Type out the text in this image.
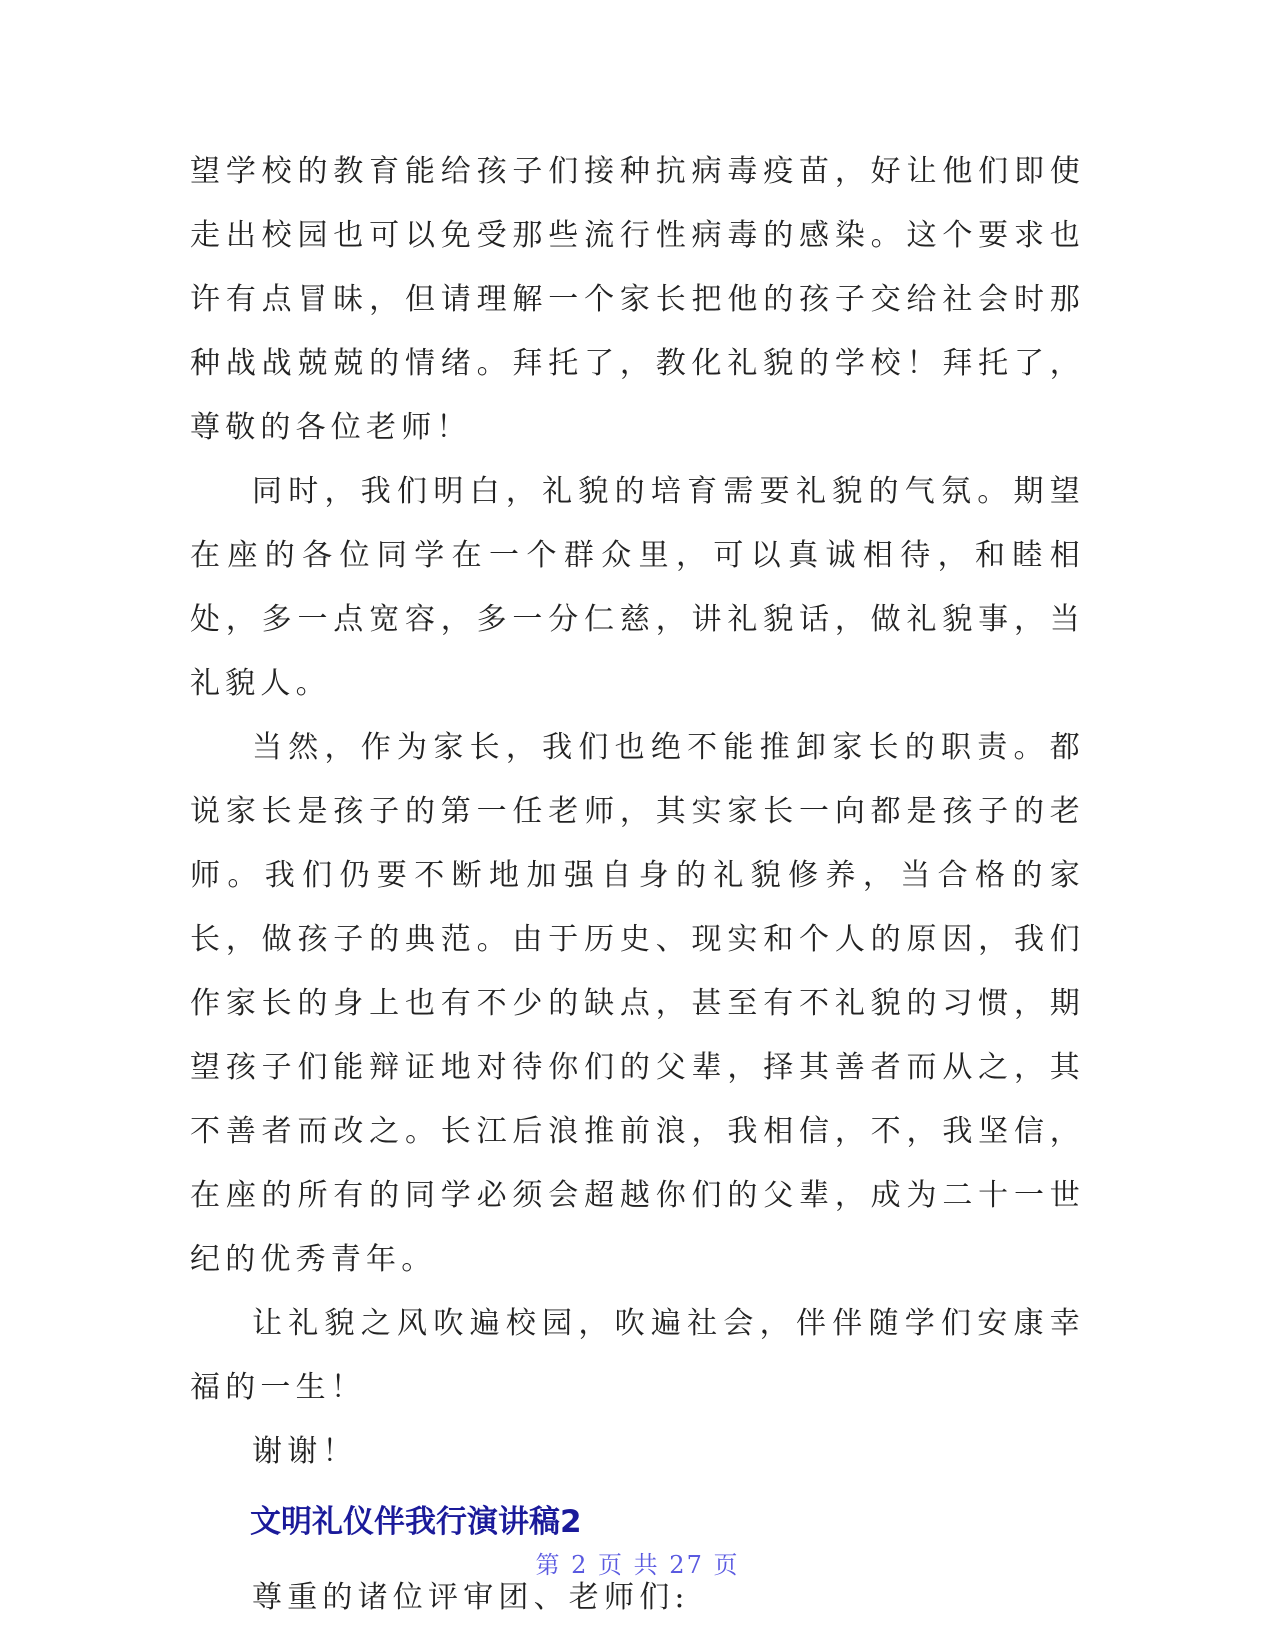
望学校的教育能给孩子们接种抗病毒疫苗，好让他们即使走出校园也可以免受那些流行性病毒的感染。这个要求也许有点冒昧，但请理解一个家长把他的孩子交给社会时那种战战兢兢的情绪。拜托了，教化礼貌的学校！拜托了，尊敬的各位老师！

同时，我们明白，礼貌的培育需要礼貌的气氛。期望在座的各位同学在一个群众里，可以真诚相待，和睦相处，多一点宽容，多一分仁慈，讲礼貌话，做礼貌事，当礼貌人。

当然，作为家长，我们也绝不能推卸家长的职责。都说家长是孩子的第一任老师，其实家长一向都是孩子的老师。我们仍要不断地加强自身的礼貌修养，当合格的家长，做孩子的典范。由于历史、现实和个人的原因，我们作家长的身上也有不少的缺点，甚至有不礼貌的习惯，期望孩子们能辩证地对待你们的父辈，择其善者而从之，其不善者而改之。长江后浪推前浪，我相信，不，我坚信，在座的所有的同学必须会超越你们的父辈，成为二十一世纪的优秀青年。

让礼貌之风吹遍校园，吹遍社会，伴伴随学们安康幸福的一生！

谢谢！

文明礼仪伴我行演讲稿2

尊重的诸位评审团、老师们:

第 2 页 共 27 页
